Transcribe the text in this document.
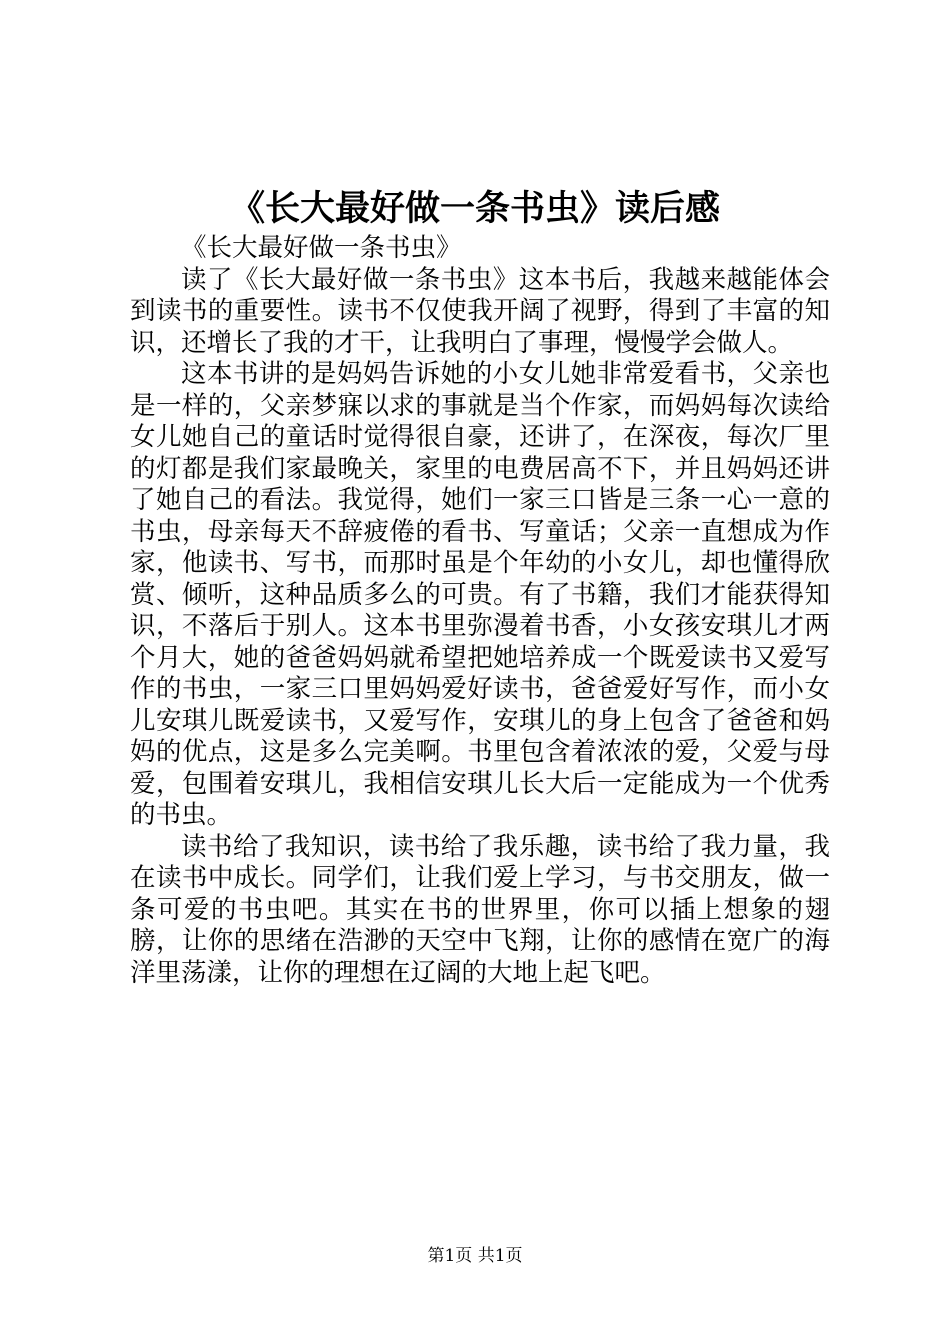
《长大最好做一条书虫》读后感

《长大最好做一条书虫》

读了《长大最好做一条书虫》这本书后，我越来越能体会到读书的重要性。读书不仅使我开阔了视野，得到了丰富的知识，还增长了我的才干，让我明白了事理，慢慢学会做人。

这本书讲的是妈妈告诉她的小女儿她非常爱看书，父亲也是一样的，父亲梦寐以求的事就是当个作家，而妈妈每次读给女儿她自己的童话时觉得很自豪，还讲了，在深夜，每次厂里的灯都是我们家最晚关，家里的电费居高不下，并且妈妈还讲了她自己的看法。我觉得，她们一家三口皆是三条一心一意的书虫，母亲每天不辞疲倦的看书、写童话；父亲一直想成为作家，他读书、写书，而那时虽是个年幼的小女儿，却也懂得欣赏、倾听，这种品质多么的可贵。有了书籍，我们才能获得知识，不落后于别人。这本书里弥漫着书香，小女孩安琪儿才两个月大，她的爸爸妈妈就希望把她培养成一个既爱读书又爱写作的书虫，一家三口里妈妈爱好读书，爸爸爱好写作，而小女儿安琪儿既爱读书，又爱写作，安琪儿的身上包含了爸爸和妈妈的优点，这是多么完美啊。书里包含着浓浓的爱，父爱与母爱，包围着安琪儿，我相信安琪儿长大后一定能成为一个优秀的书虫。

读书给了我知识，读书给了我乐趣，读书给了我力量，我在读书中成长。同学们，让我们爱上学习，与书交朋友，做一条可爱的书虫吧。其实在书的世界里，你可以插上想象的翅膀，让你的思绪在浩渺的天空中飞翔，让你的感情在宽广的海洋里荡漾，让你的理想在辽阔的大地上起飞吧。

第1页 共1页
